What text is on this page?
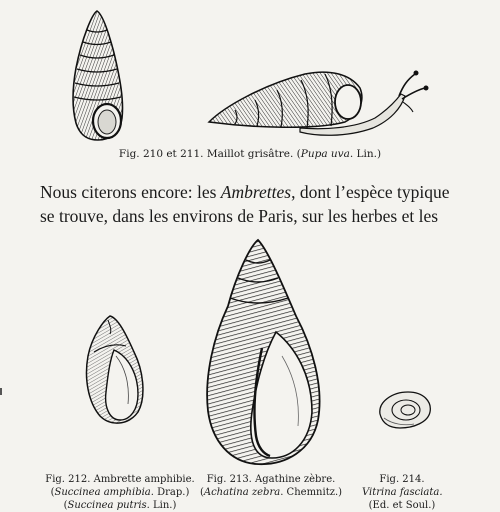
Fig. 210 et 211. Maillot grisâtre. (Pupa uva. Lin.)
Nous citerons encore: les Ambrettes, dont l’espèce typique
se trouve, dans les environs de Paris, sur les herbes et les
Fig. 212. Ambrette amphibie.
(Succinea amphibia. Drap.)
(Succinea putris. Lin.)
Fig. 213. Agathine zèbre.
(Achatina zebra. Chemnitz.)
Fig. 214.
Vitrina fasciata.
(Ed. et Soul.)
